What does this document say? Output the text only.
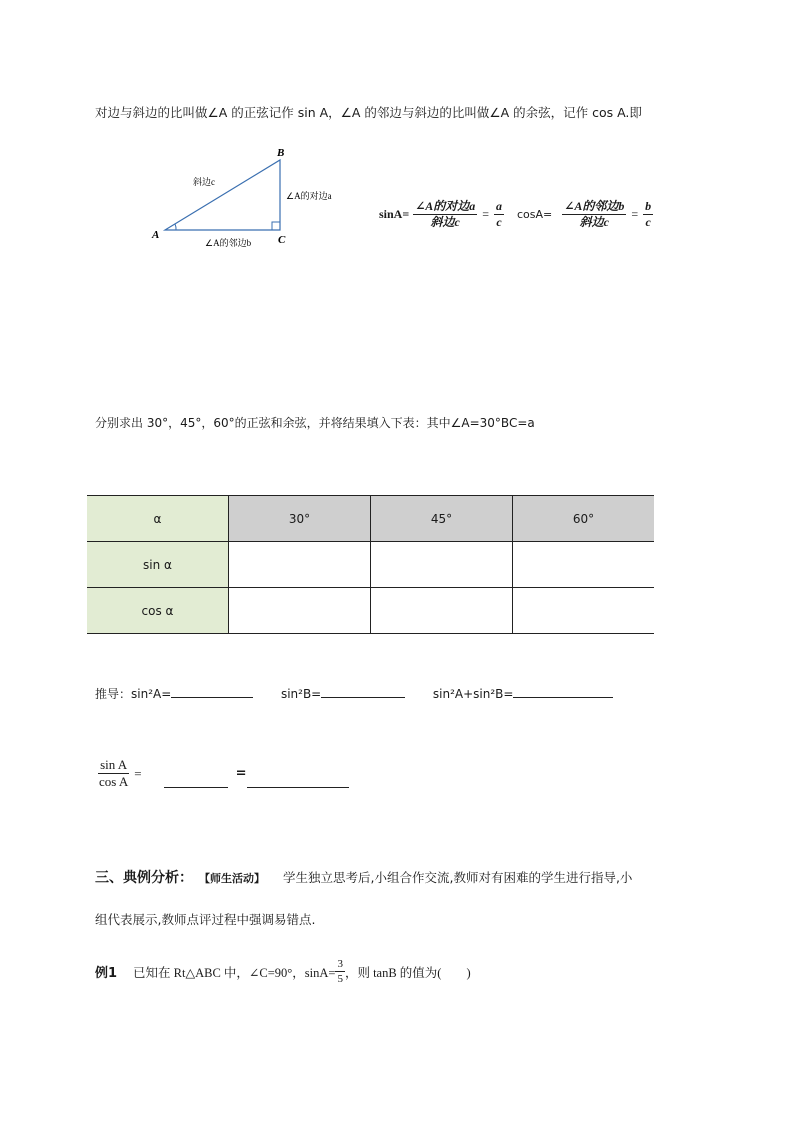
对边与斜边的比叫做∠A 的正弦记作 sin A，∠A 的邻边与斜边的比叫做∠A 的余弦，记作 cos A.即
A
B
C
斜边c
∠A的对边a
∠A的邻边b
$\sin A= \frac{\text{∠A的对边a}}{\text{斜边c}} = \frac{a}{c} \cos A= \frac{\text{∠A的邻边b}}{\text{斜边c}} = \frac{b}{c}$
分别求出 30°，45°，60°的正弦和余弦，并将结果填入下表：其中∠A=30°BC=a
α	30°	45°	60°
sin α			
cos α			
推导：sin²A=	sin²B=	sin²A+sin²B=
$\frac{\text{sin A}}{\text{cos A}}$ =	=
三、典例分析： 【师生活动】 学生独立思考后,小组合作交流,教师对有困难的学生进行指导,小
组代表展示,教师点评过程中强调易错点.
例1 已知在 Rt△ABC 中，∠C=90°，$\sin A= \frac{3}{5}$ ，则 tanB 的值为(　　)
